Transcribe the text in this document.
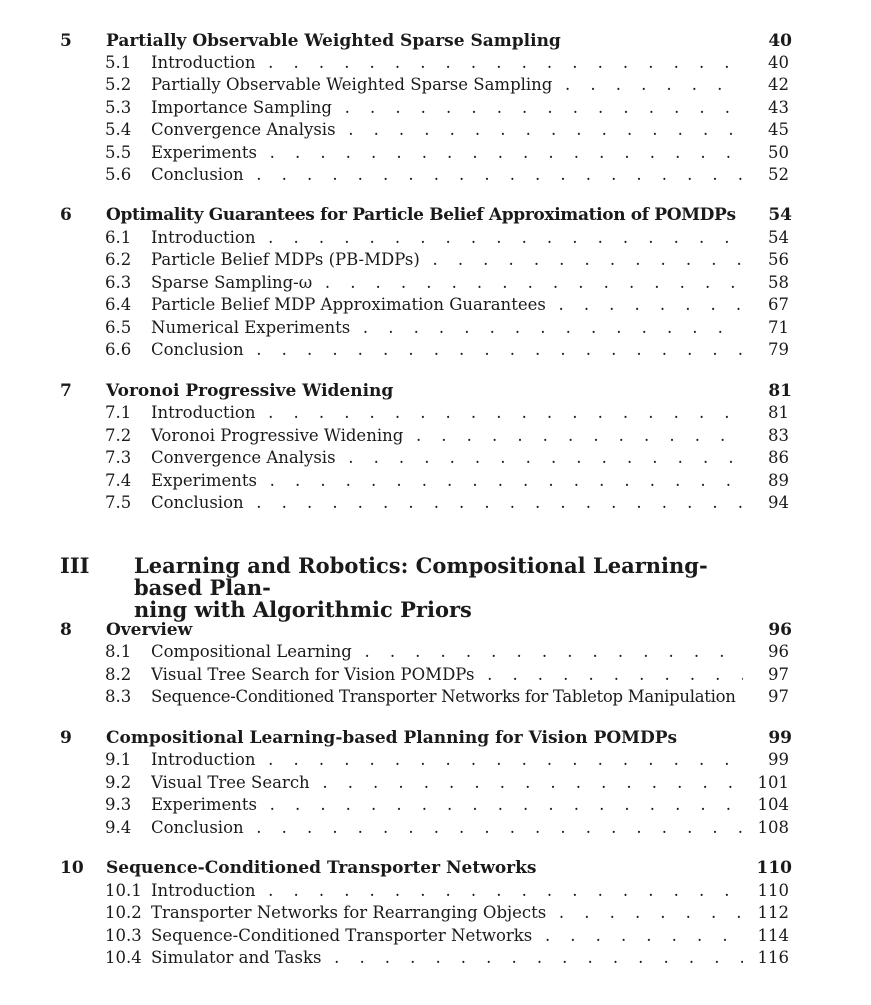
5 Partially Observable Weighted Sparse Sampling	40
5.1 Introduction . . .	40
5.2 Partially Observable Weighted Sparse Sampling . . .	42
5.3 Importance Sampling . . .	43
5.4 Convergence Analysis . . .	45
5.5 Experiments . . .	50
5.6 Conclusion . . .	52
6 Optimality Guarantees for Particle Belief Approximation of POMDPs 54
6.1 Introduction . . .	54
6.2 Particle Belief MDPs (PB-MDPs) . . .	56
6.3 Sparse Sampling-ω . . .	58
6.4 Particle Belief MDP Approximation Guarantees . . .	67
6.5 Numerical Experiments . . .	71
6.6 Conclusion . . .	79
7 Voronoi Progressive Widening	81
7.1 Introduction . . .	81
7.2 Voronoi Progressive Widening . . .	83
7.3 Convergence Analysis . . .	86
7.4 Experiments . . .	89
7.5 Conclusion . . .	94
III Learning and Robotics: Compositional Learning-based Plan-
ning with Algorithmic Priors
8 Overview	96
8.1 Compositional Learning . . .	96
8.2 Visual Tree Search for Vision POMDPs . . .	97
8.3 Sequence-Conditioned Transporter Networks for Tabletop Manipulation . . .	97
9 Compositional Learning-based Planning for Vision POMDPs	99
9.1 Introduction . . .	99
9.2 Visual Tree Search . . .	101
9.3 Experiments . . .	104
9.4 Conclusion . . .	108
10 Sequence-Conditioned Transporter Networks	110
10.1 Introduction . . .	110
10.2 Transporter Networks for Rearranging Objects . . .	112
10.3 Sequence-Conditioned Transporter Networks . . .	114
10.4 Simulator and Tasks . . .	116
